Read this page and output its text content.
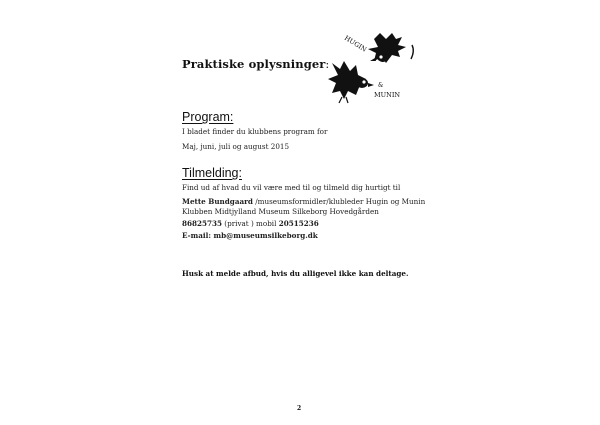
Praktiske oplysninger:
HUGIN
&
MUNIN
Program:
I bladet finder du klubbens program for
Maj, juni, juli og august 2015
Tilmelding:
Find ud af hvad du vil være med til og tilmeld dig hurtigt til
Mette Bundgaard /museumsformidler/klubleder Hugin og Munin
Klubben Midtjylland Museum Silkeborg Hovedgården
86825735 (privat ) mobil 20515236
E-mail: mb@museumsilkeborg.dk
Husk at melde afbud, hvis du alligevel ikke kan deltage.
2
